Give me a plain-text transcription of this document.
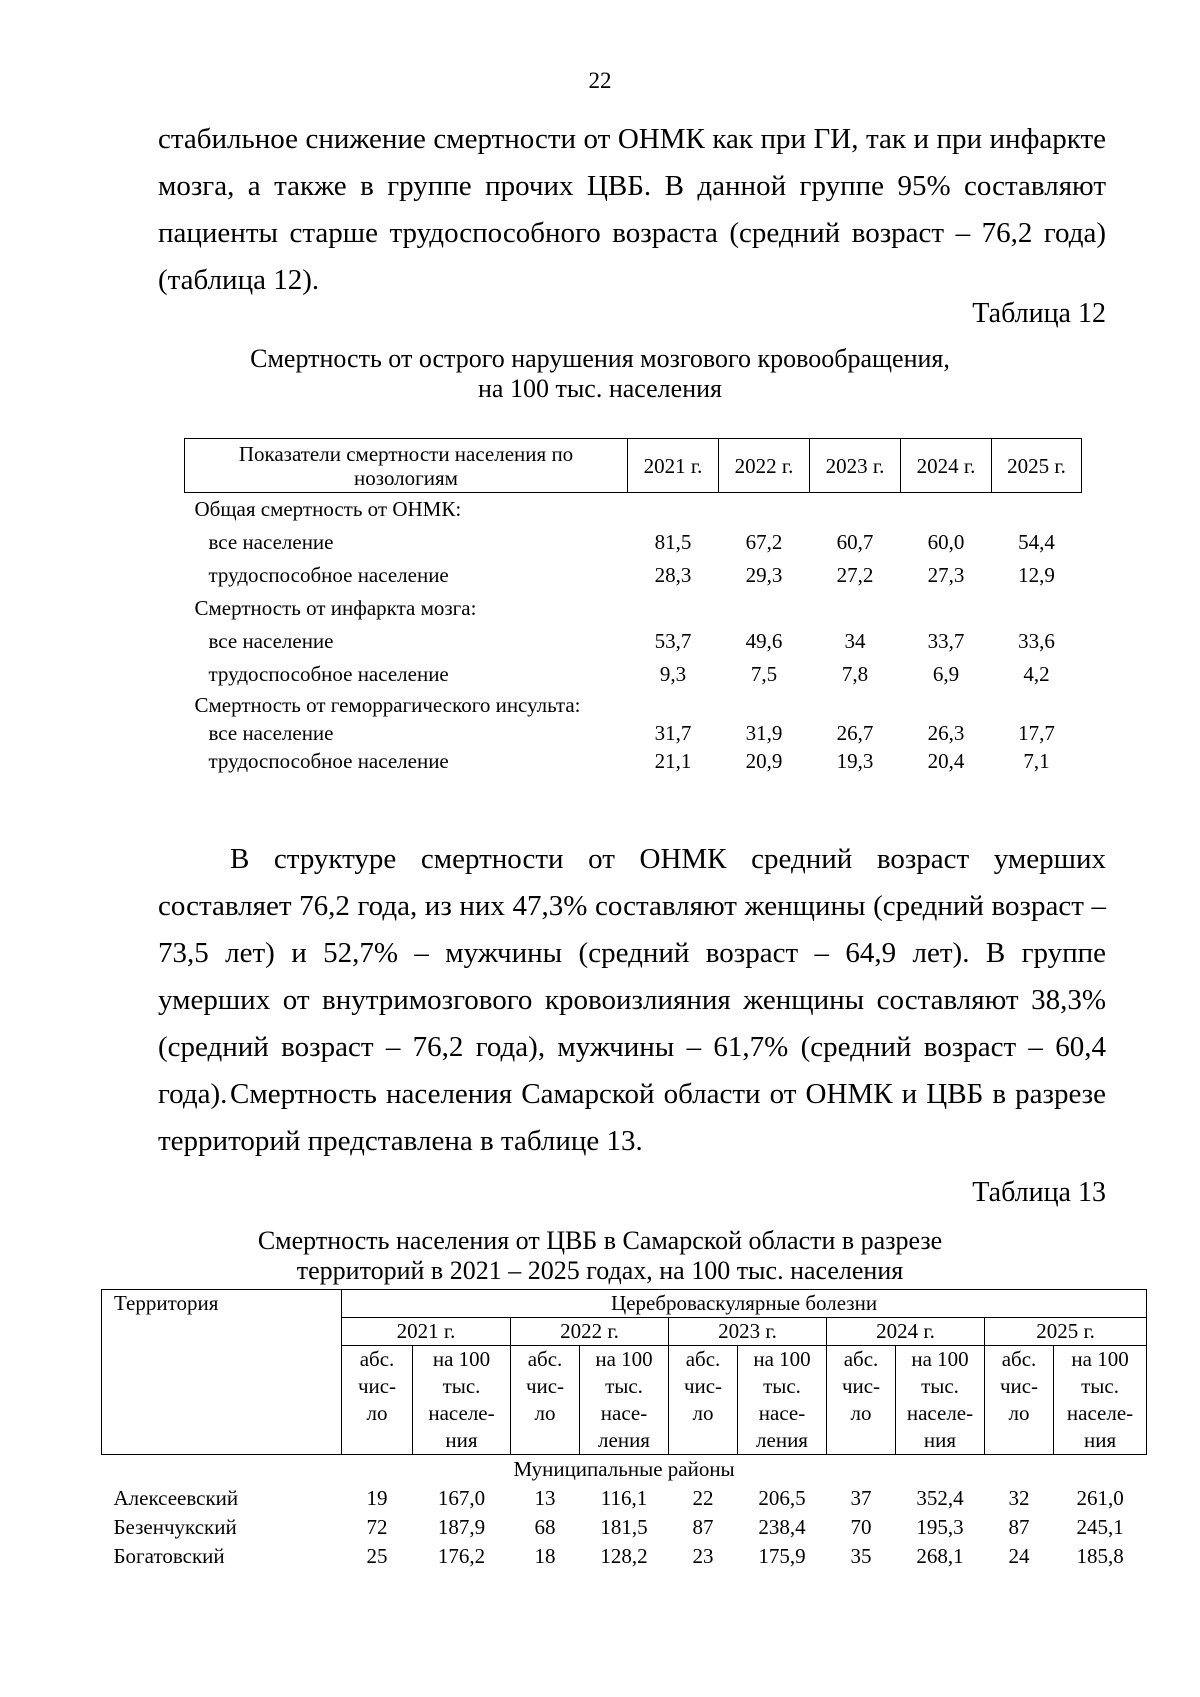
22

стабильное снижение смертности от ОНМК как при ГИ, так и при инфаркте мозга, а также в группе прочих ЦВБ. В данной группе 95% составляют пациенты старше трудоспособного возраста (средний возраст – 76,2 года) (таблица 12).

Таблица 12

Смертность от острого нарушения мозгового кровообращения,

на 100 тыс. населения

Показатели смертности населения по нозологиям	2021 г.	2022 г.	2023 г.	2024 г.	2025 г.
Общая смертность от ОНМК:					
все население	81,5	67,2	60,7	60,0	54,4
трудоспособное население	28,3	29,3	27,2	27,3	12,9
Смертность от инфаркта мозга:					
все население	53,7	49,6	34	33,7	33,6
трудоспособное население	9,3	7,5	7,8	6,9	4,2
Смертность от геморрагического инсульта:					
все население	31,7	31,9	26,7	26,3	17,7
трудоспособное население	21,1	20,9	19,3	20,4	7,1

В структуре смертности от ОНМК средний возраст умерших составляет 76,2 года, из них 47,3% составляют женщины (средний возраст – 73,5 лет) и 52,7% – мужчины (средний возраст – 64,9 лет). В группе умерших от внутримозгового кровоизлияния женщины составляют 38,3% (средний возраст – 76,2 года), мужчины – 61,7% (средний возраст – 60,4 года). Смертность населения Самарской области от ОНМК и ЦВБ в разрезе территорий представлена в таблице 13.

Таблица 13

Смертность населения от ЦВБ в Самарской области в разрезе

территорий в 2021 – 2025 годах, на 100 тыс. населения

Территория	Цереброваскулярные болезни									
	2021 г.		2022 г.		2023 г.		2024 г.		2025 г.	
	абс.
чис-
ло	на 100
тыс.
населе-
ния	абс.
чис-
ло	на 100
тыс.
насе-
ления	абс.
чис-
ло	на 100
тыс.
насе-
ления	абс.
чис-
ло	на 100
тыс.
населе-
ния	абс.
чис-
ло	на 100
тыс.
населе-
ния
Муниципальные районы										
Алексеевский	19	167,0	13	116,1	22	206,5	37	352,4	32	261,0
Безенчукский	72	187,9	68	181,5	87	238,4	70	195,3	87	245,1
Богатовский	25	176,2	18	128,2	23	175,9	35	268,1	24	185,8
